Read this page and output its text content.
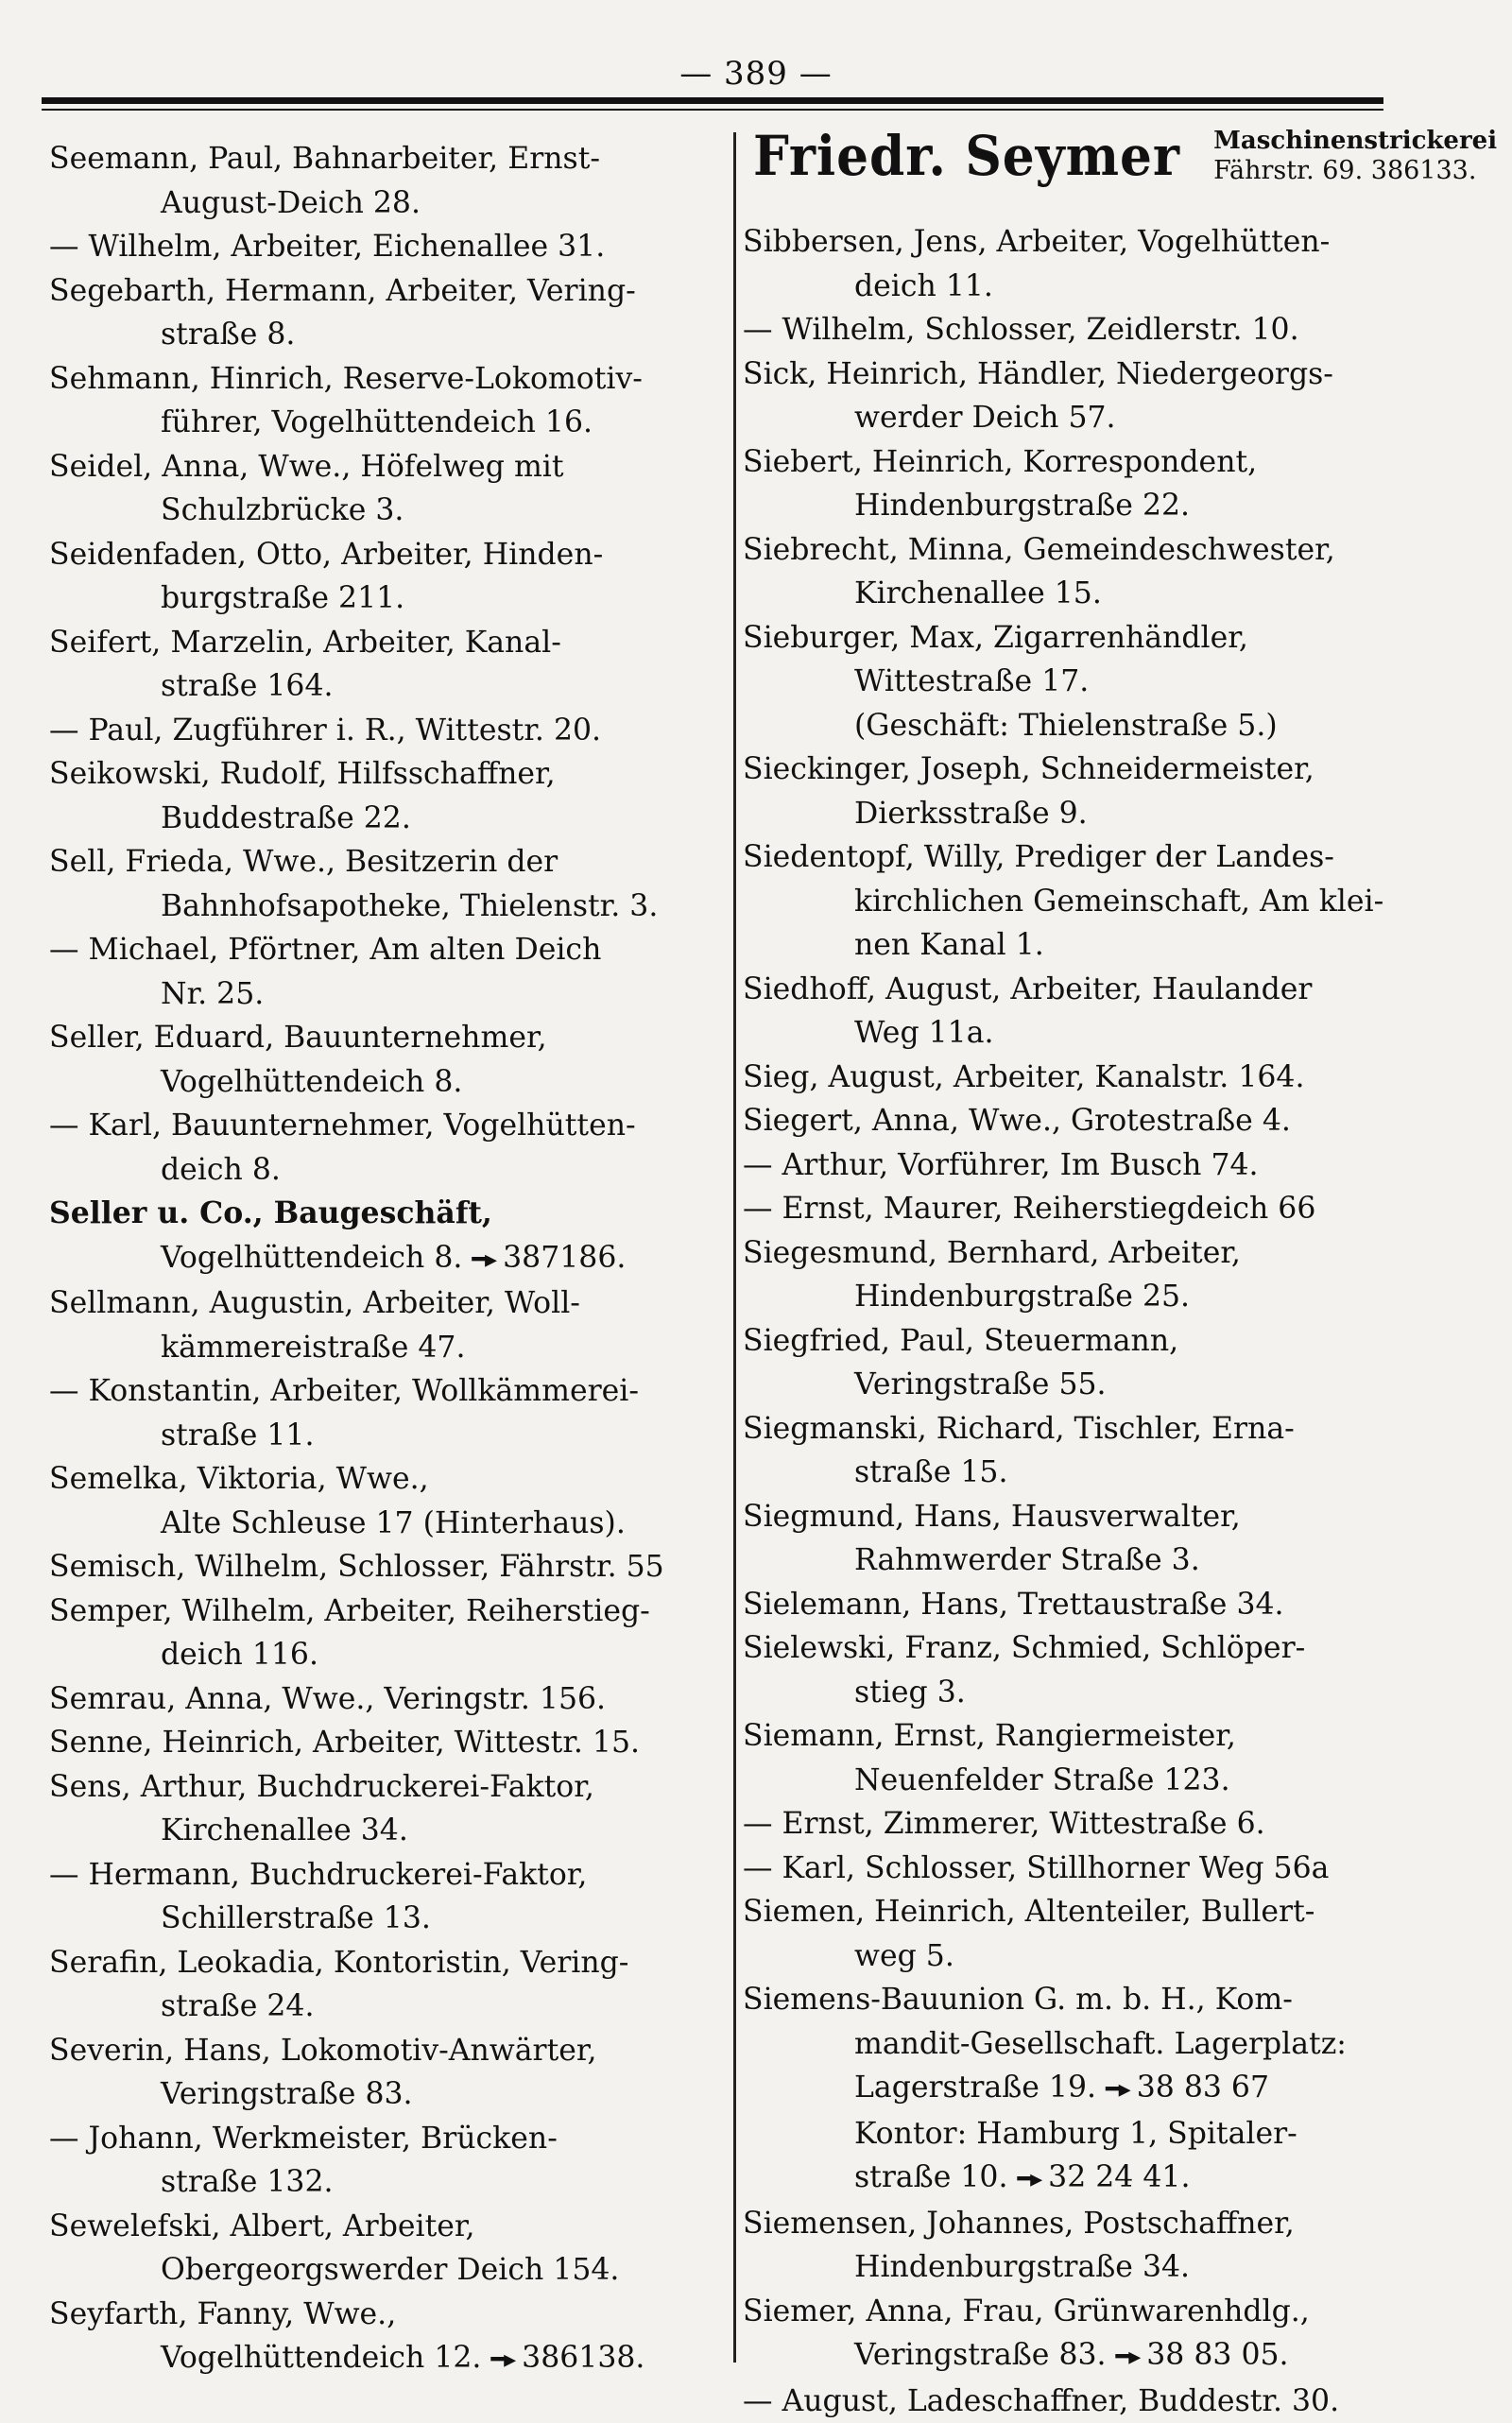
— 389 —
Friedr. Seymer Maschinenstrickerei
Fährstr. 69. 386133.
Seemann, Paul, Bahnarbeiter, Ernst-
August-Deich 28.
— Wilhelm, Arbeiter, Eichenallee 31.
Segebarth, Hermann, Arbeiter, Vering-
straße 8.
Sehmann, Hinrich, Reserve-Lokomotiv-
führer, Vogelhüttendeich 16.
Seidel, Anna, Wwe., Höfelweg mit
Schulzbrücke 3.
Seidenfaden, Otto, Arbeiter, Hinden-
burgstraße 211.
Seifert, Marzelin, Arbeiter, Kanal-
straße 164.
— Paul, Zugführer i. R., Wittestr. 20.
Seikowski, Rudolf, Hilfsschaffner,
Buddestraße 22.
Sell, Frieda, Wwe., Besitzerin der
Bahnhofsapotheke, Thielenstr. 3.
— Michael, Pförtner, Am alten Deich
Nr. 25.
Seller, Eduard, Bauunternehmer,
Vogelhüttendeich 8.
— Karl, Bauunternehmer, Vogelhütten-
deich 8.
Seller u. Co., Baugeschäft,
Vogelhüttendeich 8. ━▸ 387186.
Sellmann, Augustin, Arbeiter, Woll-
kämmereistraße 47.
— Konstantin, Arbeiter, Wollkämmerei-
straße 11.
Semelka, Viktoria, Wwe.,
Alte Schleuse 17 (Hinterhaus).
Semisch, Wilhelm, Schlosser, Fährstr. 55
Semper, Wilhelm, Arbeiter, Reiherstieg-
deich 116.
Semrau, Anna, Wwe., Veringstr. 156.
Senne, Heinrich, Arbeiter, Wittestr. 15.
Sens, Arthur, Buchdruckerei-Faktor,
Kirchenallee 34.
— Hermann, Buchdruckerei-Faktor,
Schillerstraße 13.
Serafin, Leokadia, Kontoristin, Vering-
straße 24.
Severin, Hans, Lokomotiv-Anwärter,
Veringstraße 83.
— Johann, Werkmeister, Brücken-
straße 132.
Sewelefski, Albert, Arbeiter,
Obergeorgswerder Deich 154.
Seyfarth, Fanny, Wwe.,
Vogelhüttendeich 12. ━▸ 386138.
Sibbersen, Jens, Arbeiter, Vogelhütten-
deich 11.
— Wilhelm, Schlosser, Zeidlerstr. 10.
Sick, Heinrich, Händler, Niedergeorgs-
werder Deich 57.
Siebert, Heinrich, Korrespondent,
Hindenburgstraße 22.
Siebrecht, Minna, Gemeindeschwester,
Kirchenallee 15.
Sieburger, Max, Zigarrenhändler,
Wittestraße 17.
(Geschäft: Thielenstraße 5.)
Sieckinger, Joseph, Schneidermeister,
Dierksstraße 9.
Siedentopf, Willy, Prediger der Landes-
kirchlichen Gemeinschaft, Am klei-
nen Kanal 1.
Siedhoff, August, Arbeiter, Haulander
Weg 11a.
Sieg, August, Arbeiter, Kanalstr. 164.
Siegert, Anna, Wwe., Grotestraße 4.
— Arthur, Vorführer, Im Busch 74.
— Ernst, Maurer, Reiherstiegdeich 66
Siegesmund, Bernhard, Arbeiter,
Hindenburgstraße 25.
Siegfried, Paul, Steuermann,
Veringstraße 55.
Siegmanski, Richard, Tischler, Erna-
straße 15.
Siegmund, Hans, Hausverwalter,
Rahmwerder Straße 3.
Sielemann, Hans, Trettaustraße 34.
Sielewski, Franz, Schmied, Schlöper-
stieg 3.
Siemann, Ernst, Rangiermeister,
Neuenfelder Straße 123.
— Ernst, Zimmerer, Wittestraße 6.
— Karl, Schlosser, Stillhorner Weg 56a
Siemen, Heinrich, Altenteiler, Bullert-
weg 5.
Siemens-Bauunion G. m. b. H., Kom-
mandit-Gesellschaft. Lagerplatz:
Lagerstraße 19. ━▸ 38 83 67
Kontor: Hamburg 1, Spitaler-
straße 10. ━▸ 32 24 41.
Siemensen, Johannes, Postschaffner,
Hindenburgstraße 34.
Siemer, Anna, Frau, Grünwarenhdlg.,
Veringstraße 83. ━▸ 38 83 05.
— August, Ladeschaffner, Buddestr. 30.
